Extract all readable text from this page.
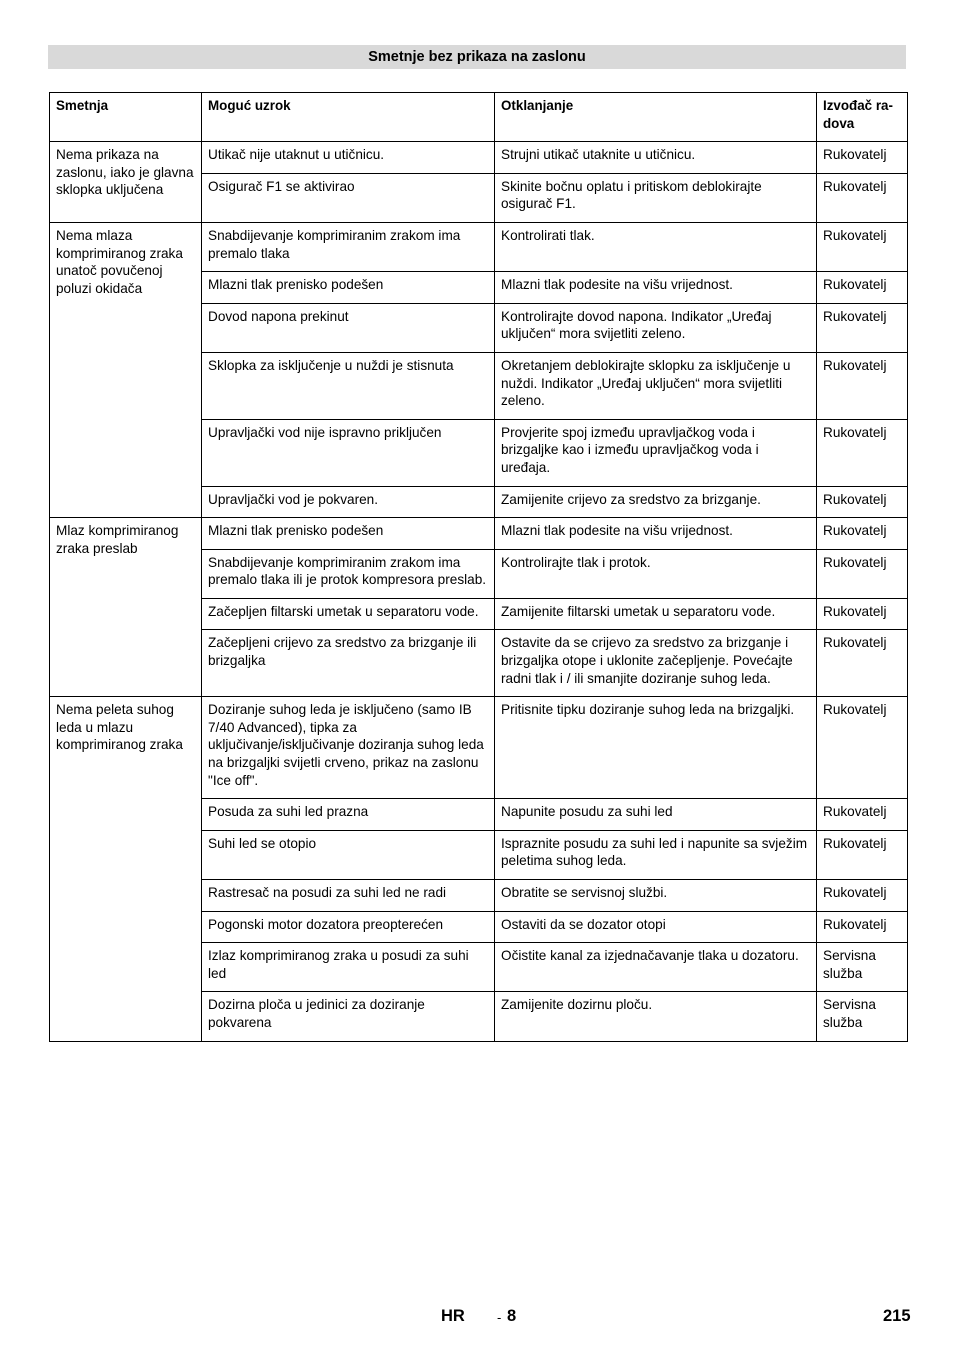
Smetnje bez prikaza na zaslonu
Smetnja	Moguć uzrok	Otklanjanje	Izvođač ra-dova
Nema prikaza na zaslonu, iako je glavna sklopka uključena	Utikač nije utaknut u utičnicu.	Strujni utikač utaknite u utičnicu.	Rukovatelj
	Osigurač F1 se aktivirao	Skinite bočnu oplatu i pritiskom deblokirajte osigurač F1.	Rukovatelj
Nema mlaza komprimiranog zraka unatoč povučenoj poluzi okidača	Snabdijevanje komprimiranim zrakom ima premalo tlaka	Kontrolirati tlak.	Rukovatelj
	Mlazni tlak prenisko podešen	Mlazni tlak podesite na višu vrijednost.	Rukovatelj
	Dovod napona prekinut	Kontrolirajte dovod napona. Indikator „Uređaj uključen“ mora svijetliti zeleno.	Rukovatelj
	Sklopka za isključenje u nuždi je stisnuta	Okretanjem deblokirajte sklopku za isključenje u nuždi. Indikator „Uređaj uključen“ mora svijetliti zeleno.	Rukovatelj
	Upravljački vod nije ispravno priključen	Provjerite spoj između upravljačkog voda i brizgaljke kao i između upravljačkog voda i uređaja.	Rukovatelj
	Upravljački vod je pokvaren.	Zamijenite crijevo za sredstvo za brizganje.	Rukovatelj
Mlaz komprimiranog zraka preslab	Mlazni tlak prenisko podešen	Mlazni tlak podesite na višu vrijednost.	Rukovatelj
	Snabdijevanje komprimiranim zrakom ima premalo tlaka ili je protok kompresora preslab.	Kontrolirajte tlak i protok.	Rukovatelj
	Začepljen filtarski umetak u separatoru vode.	Zamijenite filtarski umetak u separatoru vode.	Rukovatelj
	Začepljeni crijevo za sredstvo za brizganje ili brizgaljka	Ostavite da se crijevo za sredstvo za brizganje i brizgaljka otope i uklonite začepljenje. Povećajte radni tlak i / ili smanjite doziranje suhog leda.	Rukovatelj
Nema peleta suhog leda u mlazu komprimiranog zraka	Doziranje suhog leda je isključeno (samo IB 7/40 Advanced), tipka za uključivanje/isključivanje doziranja suhog leda na brizgaljki svijetli crveno, prikaz na zaslonu "Ice off".	Pritisnite tipku doziranje suhog leda na brizgaljki.	Rukovatelj
	Posuda za suhi led prazna	Napunite posudu za suhi led	Rukovatelj
	Suhi led se otopio	Ispraznite posudu za suhi led i napunite sa svježim peletima suhog leda.	Rukovatelj
	Rastresač na posudi za suhi led ne radi	Obratite se servisnoj službi.	Rukovatelj
	Pogonski motor dozatora preopterećen	Ostaviti da se dozator otopi	Rukovatelj
	Izlaz komprimiranog zraka u posudi za suhi led	Očistite kanal za izjednačavanje tlaka u dozatoru.	Servisna služba
	Dozirna ploča u jedinici za doziranje pokvarena	Zamijenite dozirnu ploču.	Servisna služba
HR - 8	215
